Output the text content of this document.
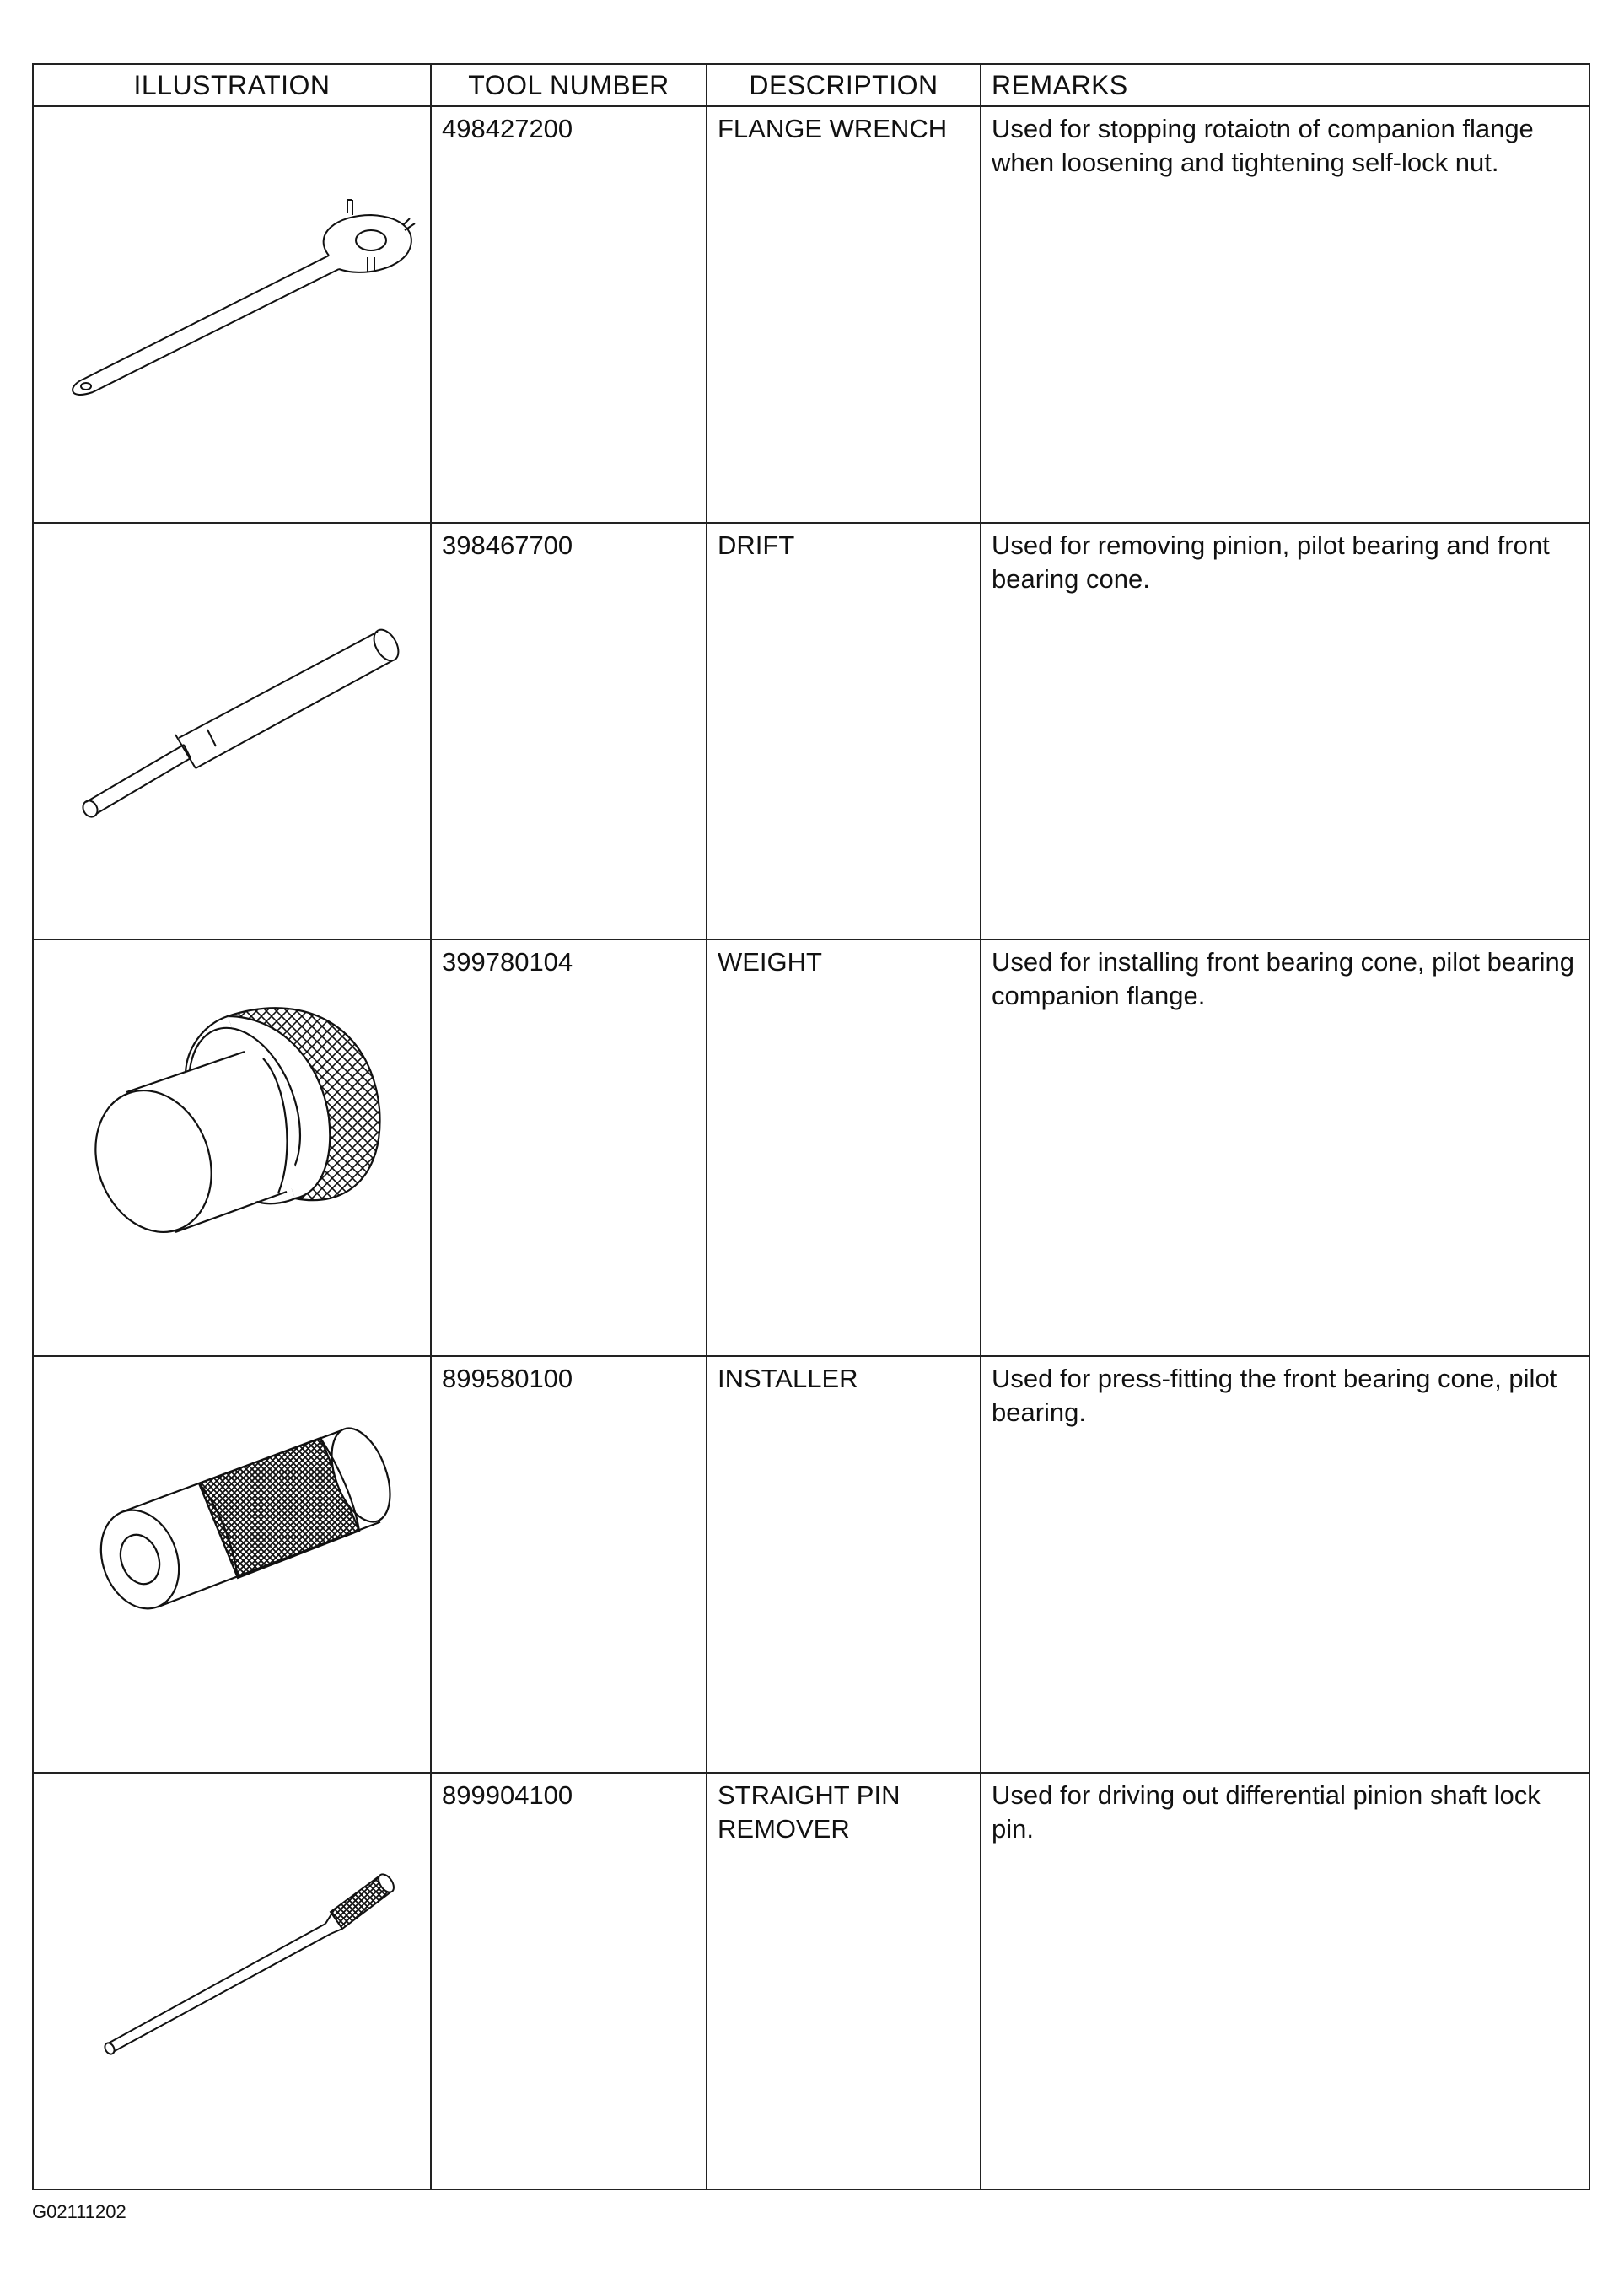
ILLUSTRATION	TOOL NUMBER	DESCRIPTION	REMARKS

	498427200	FLANGE WRENCH	Used for stopping rotaiotn of companion flange when loosening and tightening self-lock nut.

	398467700	DRIFT	Used for removing pinion, pilot bearing and front bearing cone.

	399780104	WEIGHT	Used for installing front bearing cone, pilot bearing companion flange.

	899580100	INSTALLER	Used for press-fitting the front bearing cone, pilot bearing.

	899904100	STRAIGHT PIN REMOVER	Used for driving out differential pinion shaft lock pin.
G02111202
